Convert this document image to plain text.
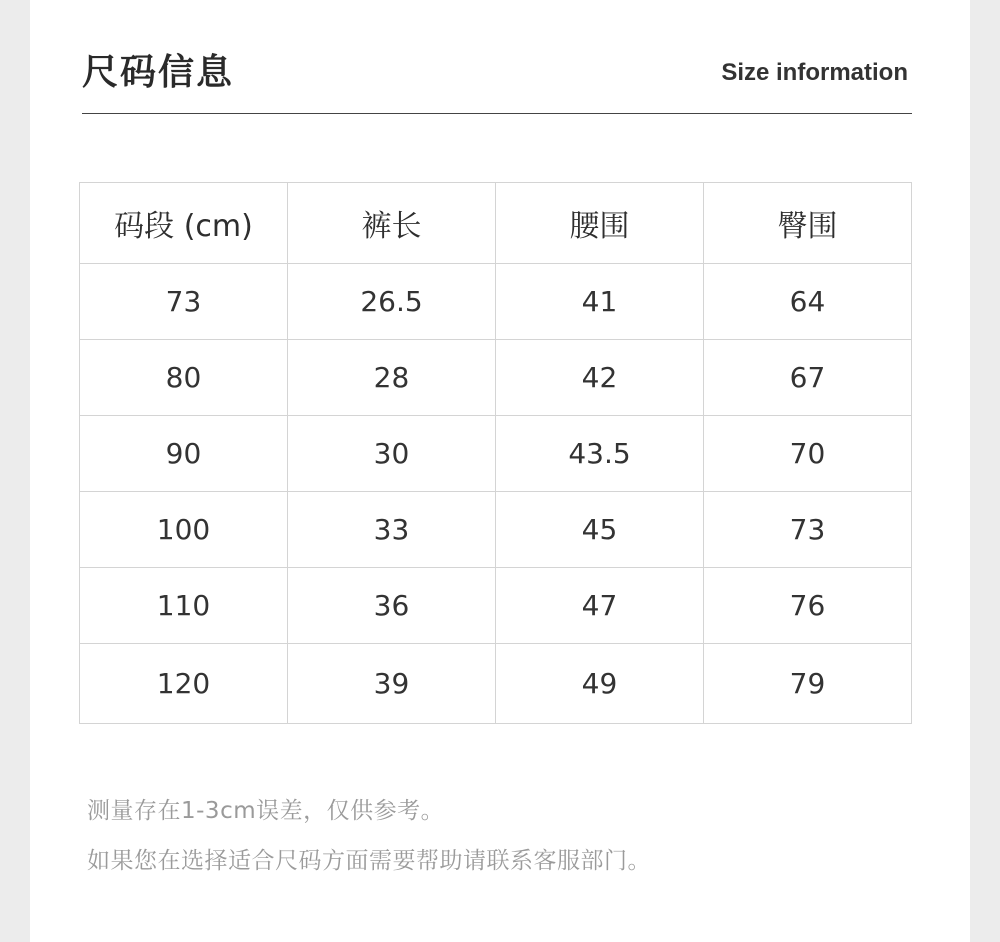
尺码信息	Size information
码段 (cm)	裤长	腰围	臀围
73	26.5	41	64
80	28	42	67
90	30	43.5	70
100	33	45	73
110	36	47	76
120	39	49	79
测量存在1-3cm误差，仅供参考。
如果您在选择适合尺码方面需要帮助请联系客服部门。
